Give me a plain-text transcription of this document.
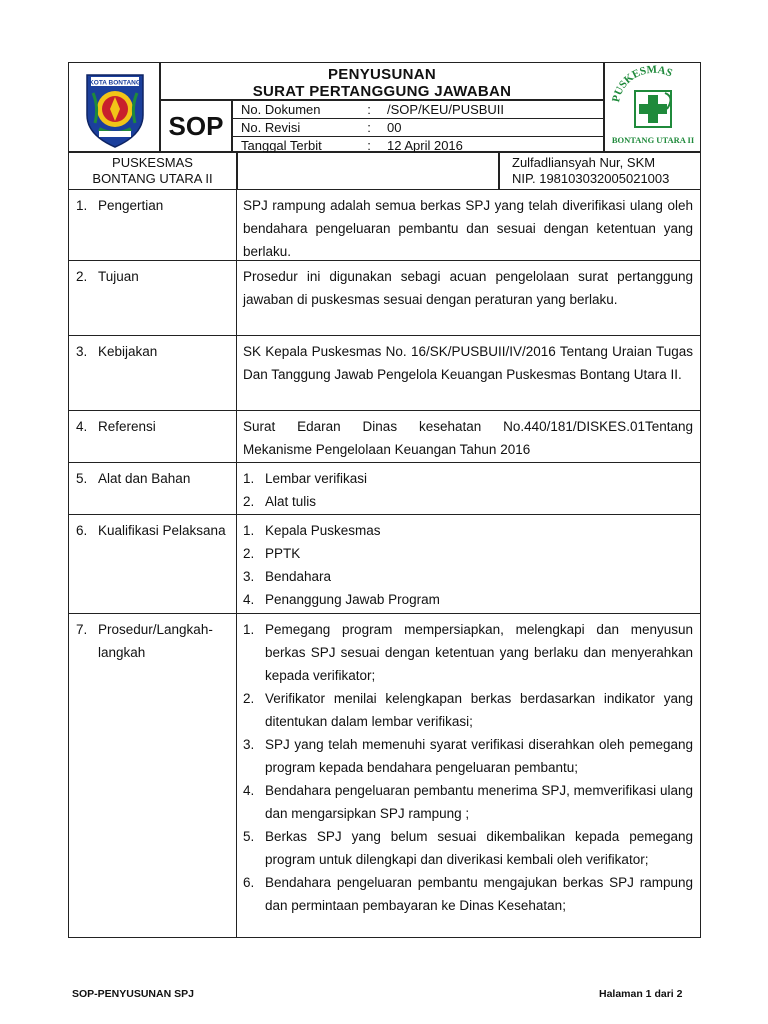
KOTA BONTANG	PENYUSUNAN
SURAT PERTANGGUNG JAWABAN
SOP
No. Dokumen	:	/SOP/KEU/PUSBUII
No. Revisi	:	00
Tanggal Terbit	:	12 April 2016
PUSKESMAS
BONTANG UTARA II
PUSKESMAS
BONTANG UTARA II
Zulfadliansyah Nur, SKM
NIP. 198103032005021003
1. Pengertian	SPJ rampung adalah semua berkas SPJ yang telah diverifikasi ulang oleh bendahara pengeluaran pembantu dan sesuai dengan ketentuan yang berlaku.
2. Tujuan	Prosedur ini digunakan sebagi acuan pengelolaan surat pertanggung jawaban di puskesmas sesuai dengan peraturan yang berlaku.
3. Kebijakan	SK Kepala Puskesmas No. 16/SK/PUSBUII/IV/2016 Tentang Uraian Tugas Dan Tanggung Jawab Pengelola Keuangan Puskesmas Bontang Utara II.
4. Referensi	Surat Edaran Dinas kesehatan No.440/181/DISKES.01Tentang Mekanisme Pengelolaan Keuangan Tahun 2016
5. Alat dan Bahan	1. Lembar verifikasi
2. Alat tulis
6. Kualifikasi Pelaksana	1. Kepala Puskesmas
2. PPTK
3. Bendahara
4. Penanggung Jawab Program
7. Prosedur/Langkah-langkah
1. Pemegang program mempersiapkan, melengkapi dan menyusun berkas SPJ sesuai dengan ketentuan yang berlaku dan menyerahkan kepada verifikator;
2. Verifikator menilai kelengkapan berkas berdasarkan indikator yang ditentukan dalam lembar verifikasi;
3. SPJ yang telah memenuhi syarat verifikasi diserahkan oleh pemegang program kepada bendahara pengeluaran pembantu;
4. Bendahara pengeluaran pembantu menerima SPJ, memverifikasi ulang dan mengarsipkan SPJ rampung ;
5. Berkas SPJ yang belum sesuai dikembalikan kepada pemegang program untuk dilengkapi dan diverikasi kembali oleh verifikator;
6. Bendahara pengeluaran pembantu mengajukan berkas SPJ rampung dan permintaan pembayaran ke Dinas Kesehatan;
SOP-PENYUSUNAN SPJ	Halaman 1 dari 2
